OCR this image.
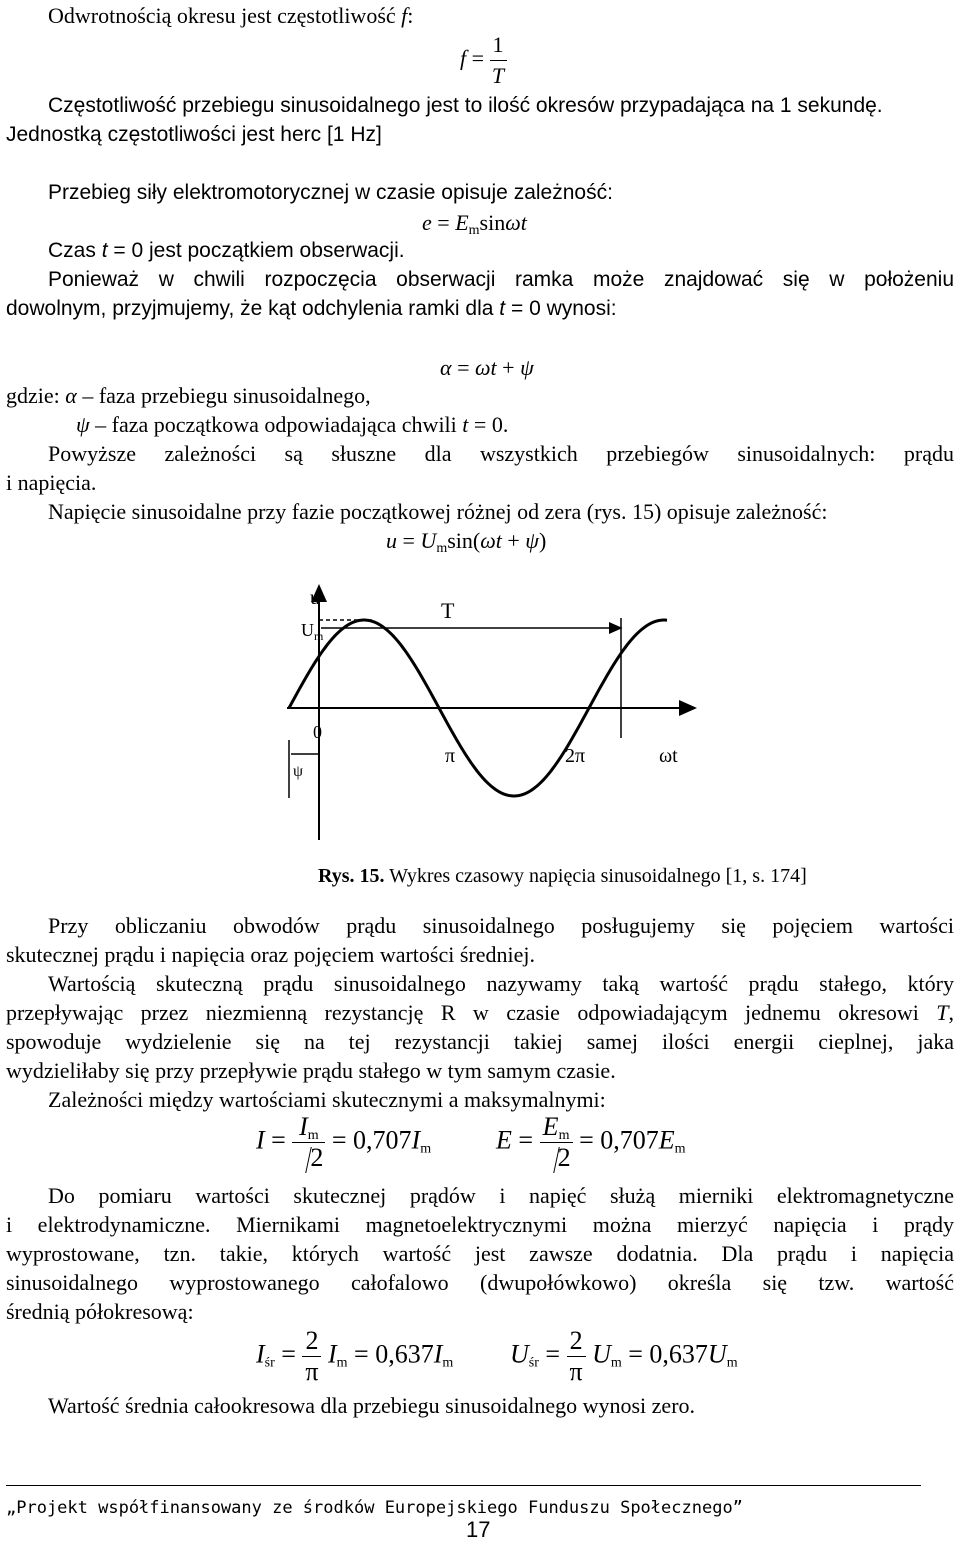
Odwrotnością okresu jest częstotliwość f:
$f = \frac{1}{T}$
Częstotliwość przebiegu sinusoidalnego jest to ilość okresów przypadająca na 1 sekundę.
Jednostką częstotliwości jest herc [1 Hz]
Przebieg siły elektromotorycznej w czasie opisuje zależność:
$e = E_m\sin\omega t$
Czas t = 0 jest początkiem obserwacji.
Ponieważ w chwili rozpoczęcia obserwacji ramka może znajdować się w położeniu
dowolnym, przyjmujemy, że kąt odchylenia ramki dla t = 0 wynosi:
α = ωt + ψ
gdzie: α – faza przebiegu sinusoidalnego,
ψ – faza początkowa odpowiadająca chwili t = 0.
Powyższe zależności są słuszne dla wszystkich przebiegów sinusoidalnych: prądu
i napięcia.
Napięcie sinusoidalne przy fazie początkowej różnej od zera (rys. 15) opisuje zależność:
$u = U_m\sin(\omega t + \psi)$
u
$U_m$
T
0
ψ
π	2π	ωt
Rys. 15. Wykres czasowy napięcia sinusoidalnego [1, s. 174]
Przy obliczaniu obwodów prądu sinusoidalnego posługujemy się pojęciem wartości
skutecznej prądu i napięcia oraz pojęciem wartości średniej.
Wartością skuteczną prądu sinusoidalnego nazywamy taką wartość prądu stałego, który
przepływając przez niezmienną rezystancję R w czasie odpowiadającym jednemu okresowi T,
spowoduje wydzielenie się na tej rezystancji takiej samej ilości energii cieplnej, jaka
wydzieliłaby się przy przepływie prądu stałego w tym samym czasie.
Zależności między wartościami skutecznymi a maksymalnymi:
$I = \frac{I_m}{2} = 0,707I_m$ $E = \frac{E_m}{2} = 0,707E_m$
Do pomiaru wartości skutecznej prądów i napięć służą mierniki elektromagnetyczne
i elektrodynamiczne. Miernikami magnetoelektrycznymi można mierzyć napięcia i prądy
wyprostowane, tzn. takie, których wartość jest zawsze dodatnia. Dla prądu i napięcia
sinusoidalnego wyprostowanego całofalowo (dwupołówkowo) określa się tzw. wartość
średnią półokresową:
$I_{śr} = \frac{2}{\pi} I_m = 0,637I_m$ $U_{śr} = \frac{2}{\pi} U_m = 0,637U_m$
Wartość średnia całookresowa dla przebiegu sinusoidalnego wynosi zero.
„Projekt współfinansowany ze środków Europejskiego Funduszu Społecznego”
17
